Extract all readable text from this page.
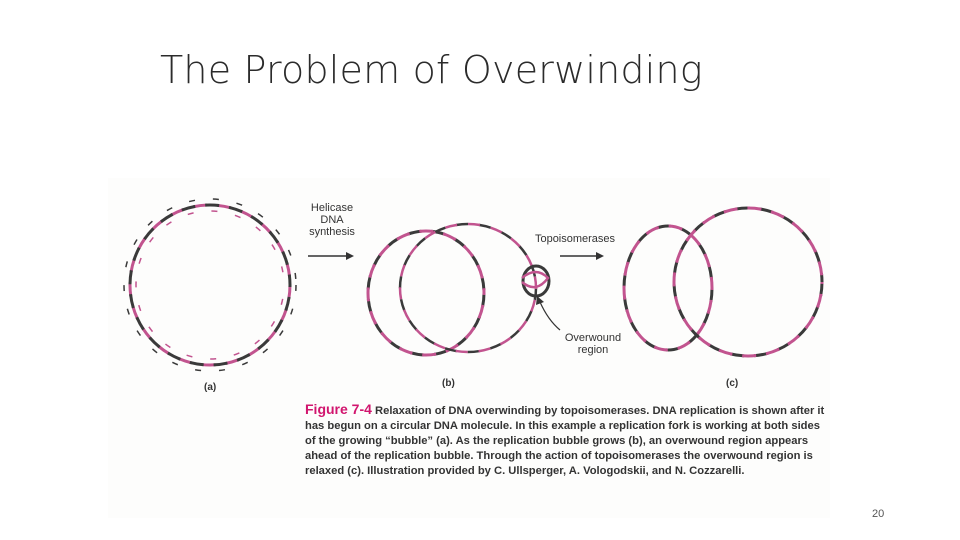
The Problem of Overwinding
Helicase
DNA
synthesis
Topoisomerases
Overwound
region
(a)	(b)	(c)
Figure 7-4 Relaxation of DNA overwinding by topoisomerases. DNA replication is shown after it has begun on a circular DNA molecule. In this example a replication fork is working at both sides of the growing “bubble” (a). As the replication bubble grows (b), an overwound region appears ahead of the replication bubble. Through the action of topoisomerases the overwound region is relaxed (c). Illustration provided by C. Ullsperger, A. Vologodskii, and N. Cozzarelli.
20
